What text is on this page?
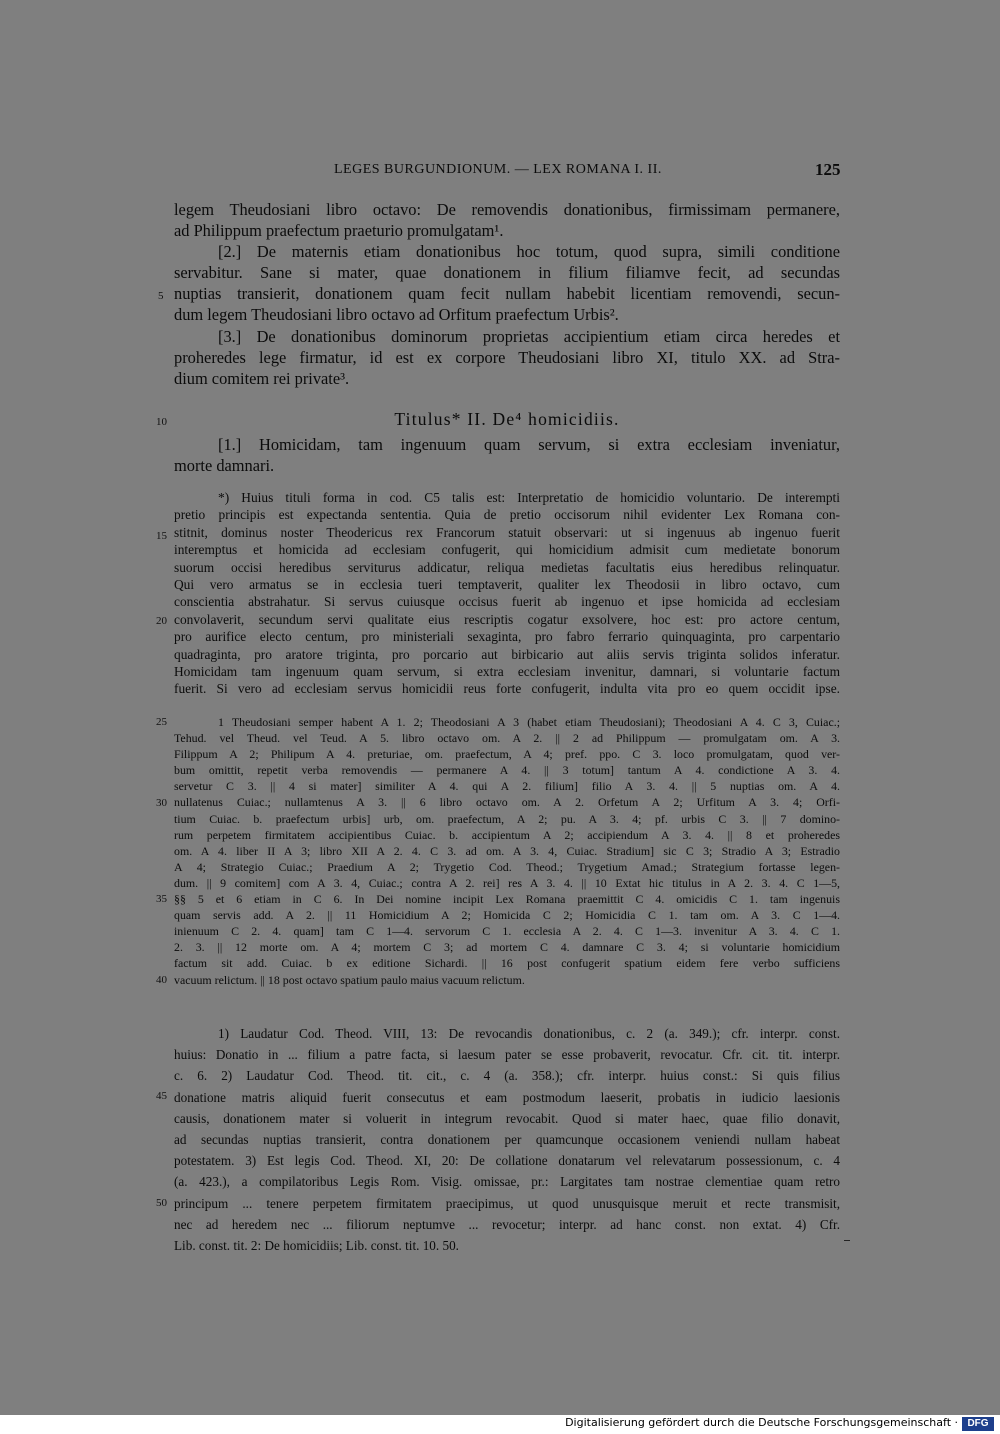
LEGES BURGUNDIONUM. — LEX ROMANA I. II.	125
legem Theudosiani libro octavo: De removendis donationibus, firmissimam permanere,
ad Philippum praefectum praeturio promulgatam¹.
[2.] De maternis etiam donationibus hoc totum, quod supra, simili conditione
servabitur. Sane si mater, quae donationem in filium filiamve fecit, ad secundas
nuptias transierit, donationem quam fecit nullam habebit licentiam removendi, secun-
dum legem Theudosiani libro octavo ad Orfitum praefectum Urbis².
[3.] De donationibus dominorum proprietas accipientium etiam circa heredes et
proheredes lege firmatur, id est ex corpore Theudosiani libro XI, titulo XX. ad Stra-
dium comitem rei private³.
Titulus* II. De⁴ homicidiis.
[1.] Homicidam, tam ingenuum quam servum, si extra ecclesiam inveniatur,
morte damnari.
*) Huius tituli forma in cod. C5 talis est: Interpretatio de homicidio voluntario. De interempti
pretio principis est expectanda sententia. Quia de pretio occisorum nihil evidenter Lex Romana con-
stitnit, dominus noster Theodericus rex Francorum statuit observari: ut si ingenuus ab ingenuo fuerit
interemptus et homicida ad ecclesiam confugerit, qui homicidium admisit cum medietate bonorum
suorum occisi heredibus serviturus addicatur, reliqua medietas facultatis eius heredibus relinquatur.
Qui vero armatus se in ecclesia tueri temptaverit, qualiter lex Theodosii in libro octavo, cum
conscientia abstrahatur. Si servus cuiusque occisus fuerit ab ingenuo et ipse homicida ad ecclesiam
convolaverit, secundum servi qualitate eius rescriptis cogatur exsolvere, hoc est: pro actore centum,
pro aurifice electo centum, pro ministeriali sexaginta, pro fabro ferrario quinquaginta, pro carpentario
quadraginta, pro aratore triginta, pro porcario aut birbicario aut aliis servis triginta solidos inferatur.
Homicidam tam ingenuum quam servum, si extra ecclesiam invenitur, damnari, si voluntarie factum
fuerit. Si vero ad ecclesiam servus homicidii reus forte confugerit, indulta vita pro eo quem occidit ipse.
1 Theudosiani semper habent A 1. 2; Theodosiani A 3 (habet etiam Theudosiani); Theodosiani A 4. C 3, Cuiac.;
Tehud. vel Theud. vel Teud. A 5. libro octavo om. A 2. || 2 ad Philippum — promulgatam om. A 3.
Filippum A 2; Philipum A 4. preturiae, om. praefectum, A 4; pref. ppo. C 3. loco promulgatam, quod ver-
bum omittit, repetit verba removendis — permanere A 4. || 3 totum] tantum A 4. condictione A 3. 4.
servetur C 3. || 4 si mater] similiter A 4. qui A 2. filium] filio A 3. 4. || 5 nuptias om. A 4.
nullatenus Cuiac.; nullamtenus A 3. || 6 libro octavo om. A 2. Orfetum A 2; Urfitum A 3. 4; Orfi-
tium Cuiac. b. praefectum urbis] urb, om. praefectum, A 2; pu. A 3. 4; pf. urbis C 3. || 7 domino-
rum perpetem firmitatem accipientibus Cuiac. b. accipientum A 2; accipiendum A 3. 4. || 8 et proheredes
om. A 4. liber II A 3; libro XII A 2. 4. C 3. ad om. A 3. 4, Cuiac. Stradium] sic C 3; Stradio A 3; Estradio
A 4; Strategio Cuiac.; Praedium A 2; Trygetio Cod. Theod.; Trygetium Amad.; Strategium fortasse legen-
dum. || 9 comitem] com A 3. 4, Cuiac.; contra A 2. rei] res A 3. 4. || 10 Extat hic titulus in A 2. 3. 4. C 1—5,
§§ 5 et 6 etiam in C 6. In Dei nomine incipit Lex Romana praemittit C 4. omicidis C 1. tam ingenuis
quam servis add. A 2. || 11 Homicidium A 2; Homicida C 2; Homicidia C 1. tam om. A 3. C 1—4.
inienuum C 2. 4. quam] tam C 1—4. servorum C 1. ecclesia A 2. 4. C 1—3. invenitur A 3. 4. C 1.
2. 3. || 12 morte om. A 4; mortem C 3; ad mortem C 4. damnare C 3. 4; si voluntarie homicidium
factum sit add. Cuiac. b ex editione Sichardi. || 16 post confugerit spatium eidem fere verbo sufficiens
vacuum relictum. || 18 post octavo spatium paulo maius vacuum relictum.
1) Laudatur Cod. Theod. VIII, 13: De revocandis donationibus, c. 2 (a. 349.); cfr. interpr. const.
huius: Donatio in ... filium a patre facta, si laesum pater se esse probaverit, revocatur. Cfr. cit. tit. interpr.
c. 6. 2) Laudatur Cod. Theod. tit. cit., c. 4 (a. 358.); cfr. interpr. huius const.: Si quis filius
donatione matris aliquid fuerit consecutus et eam postmodum laeserit, probatis in iudicio laesionis
causis, donationem mater si voluerit in integrum revocabit. Quod si mater haec, quae filio donavit,
ad secundas nuptias transierit, contra donationem per quamcunque occasionem veniendi nullam habeat
potestatem. 3) Est legis Cod. Theod. XI, 20: De collatione donatarum vel relevatarum possessionum, c. 4
(a. 423.), a compilatoribus Legis Rom. Visig. omissae, pr.: Largitates tam nostrae clementiae quam retro
principum ... tenere perpetem firmitatem praecipimus, ut quod unusquisque meruit et recte transmisit,
nec ad heredem nec ... filiorum neptumve ... revocetur; interpr. ad hanc const. non extat. 4) Cfr.
Lib. const. tit. 2: De homicidiis; Lib. const. tit. 10. 50.
5
10
15
20
25
30
35
40
45
50
Digitalisierung gefördert durch die Deutsche Forschungsgemeinschaft · DFG
